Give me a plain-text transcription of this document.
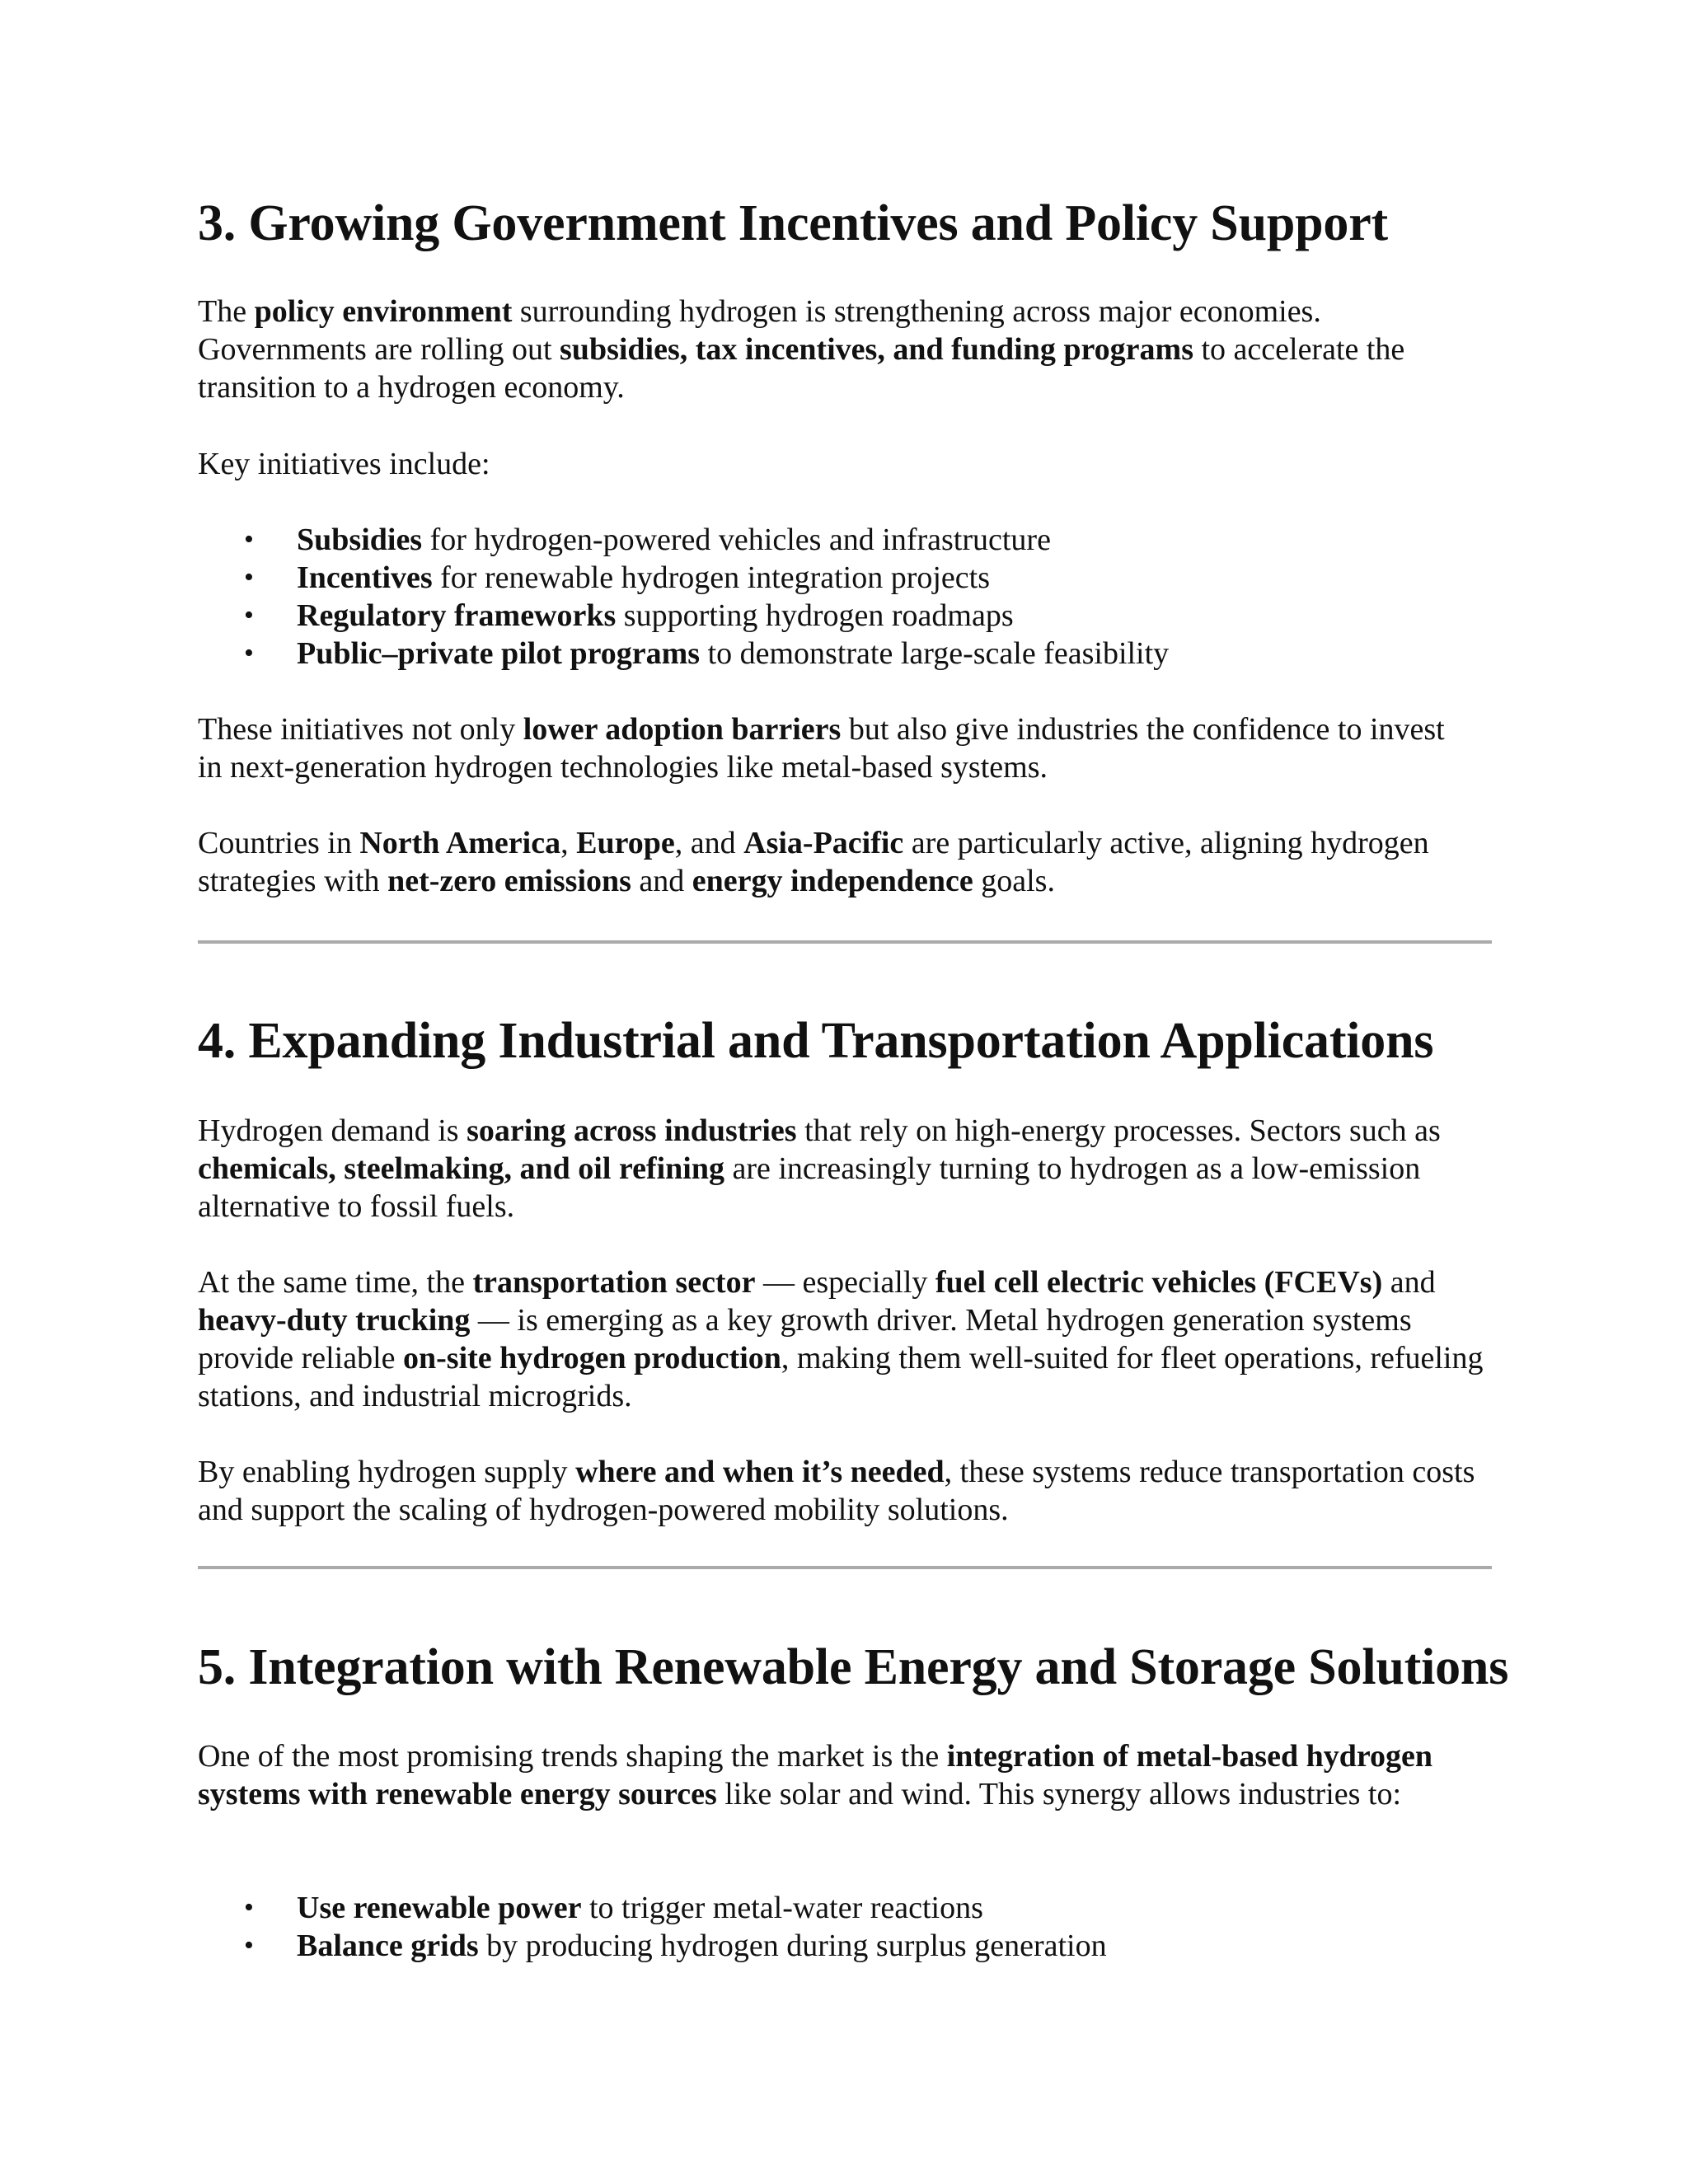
3. Growing Government Incentives and Policy Support

The policy environment surrounding hydrogen is strengthening across major economies. Governments are rolling out subsidies, tax incentives, and funding programs to accelerate the transition to a hydrogen economy.

Key initiatives include:

• Subsidies for hydrogen-powered vehicles and infrastructure
• Incentives for renewable hydrogen integration projects
• Regulatory frameworks supporting hydrogen roadmaps
• Public–private pilot programs to demonstrate large-scale feasibility

These initiatives not only lower adoption barriers but also give industries the confidence to invest in next-generation hydrogen technologies like metal-based systems.

Countries in North America, Europe, and Asia-Pacific are particularly active, aligning hydrogen strategies with net-zero emissions and energy independence goals.

4. Expanding Industrial and Transportation Applications

Hydrogen demand is soaring across industries that rely on high-energy processes. Sectors such as chemicals, steelmaking, and oil refining are increasingly turning to hydrogen as a low-emission alternative to fossil fuels.

At the same time, the transportation sector — especially fuel cell electric vehicles (FCEVs) and heavy-duty trucking — is emerging as a key growth driver. Metal hydrogen generation systems provide reliable on-site hydrogen production, making them well-suited for fleet operations, refueling stations, and industrial microgrids.

By enabling hydrogen supply where and when it’s needed, these systems reduce transportation costs and support the scaling of hydrogen-powered mobility solutions.

5. Integration with Renewable Energy and Storage Solutions

One of the most promising trends shaping the market is the integration of metal-based hydrogen systems with renewable energy sources like solar and wind. This synergy allows industries to:

• Use renewable power to trigger metal-water reactions
• Balance grids by producing hydrogen during surplus generation
